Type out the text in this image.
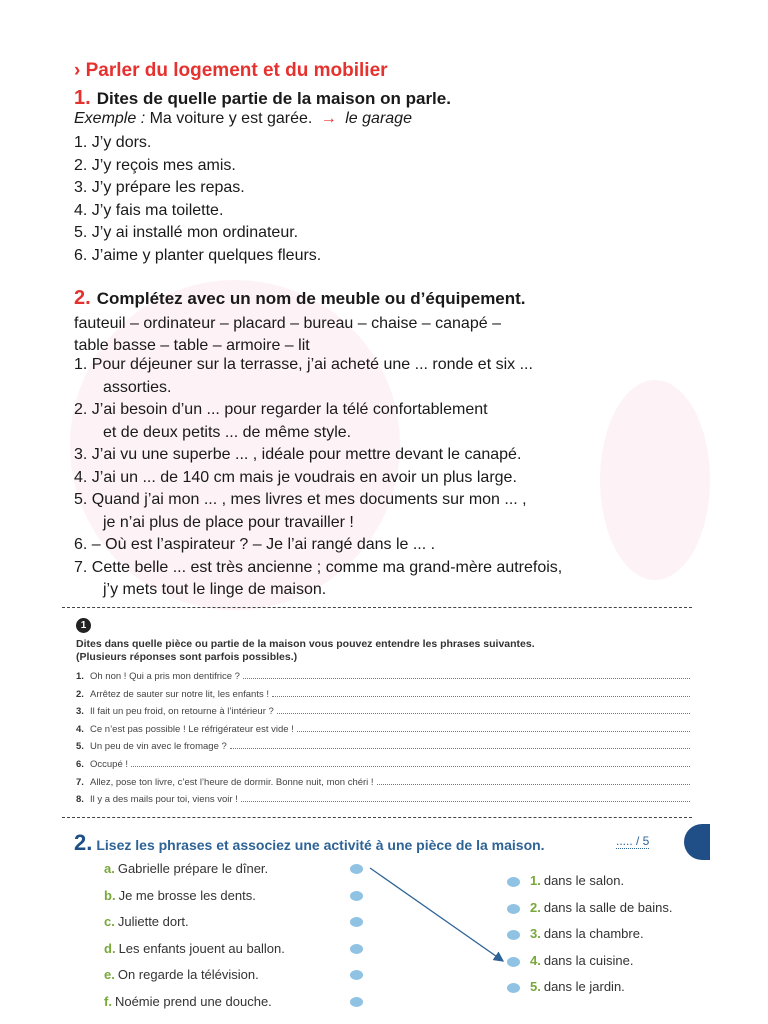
› Parler du logement et du mobilier
1. Dites de quelle partie de la maison on parle.
Exemple : Ma voiture y est garée. → le garage
1. J’y dors.
2. J’y reçois mes amis.
3. J’y prépare les repas.
4. J’y fais ma toilette.
5. J’y ai installé mon ordinateur.
6. J’aime y planter quelques fleurs.
2. Complétez avec un nom de meuble ou d’équipement.
fauteuil – ordinateur – placard – bureau – chaise – canapé –
table basse – table – armoire – lit
1. Pour déjeuner sur la terrasse, j’ai acheté une ... ronde et six ...
assorties.
2. J’ai besoin d’un ... pour regarder la télé confortablement
et de deux petits ... de même style.
3. J’ai vu une superbe ... , idéale pour mettre devant le canapé.
4. J’ai un ... de 140 cm mais je voudrais en avoir un plus large.
5. Quand j’ai mon ... , mes livres et mes documents sur mon ... ,
je n’ai plus de place pour travailler !
6. – Où est l’aspirateur ? – Je l’ai rangé dans le ... .
7. Cette belle ... est très ancienne ; comme ma grand-mère autrefois,
j’y mets tout le linge de maison.
1
Dites dans quelle pièce ou partie de la maison vous pouvez entendre les phrases suivantes.
(Plusieurs réponses sont parfois possibles.)
1. Oh non ! Qui a pris mon dentifrice ?
2. Arrêtez de sauter sur notre lit, les enfants !
3. Il fait un peu froid, on retourne à l’intérieur ?
4. Ce n’est pas possible ! Le réfrigérateur est vide !
5. Un peu de vin avec le fromage ?
6. Occupé !
7. Allez, pose ton livre, c’est l’heure de dormir. Bonne nuit, mon chéri !
8. Il y a des mails pour toi, viens voir !
2. Lisez les phrases et associez une activité à une pièce de la maison.	..... / 5
a. Gabrielle prépare le dîner.
b. Je me brosse les dents.
c. Juliette dort.
d. Les enfants jouent au ballon.
e. On regarde la télévision.
f. Noémie prend une douche.
1. dans le salon.
2. dans la salle de bains.
3. dans la chambre.
4. dans la cuisine.
5. dans le jardin.
